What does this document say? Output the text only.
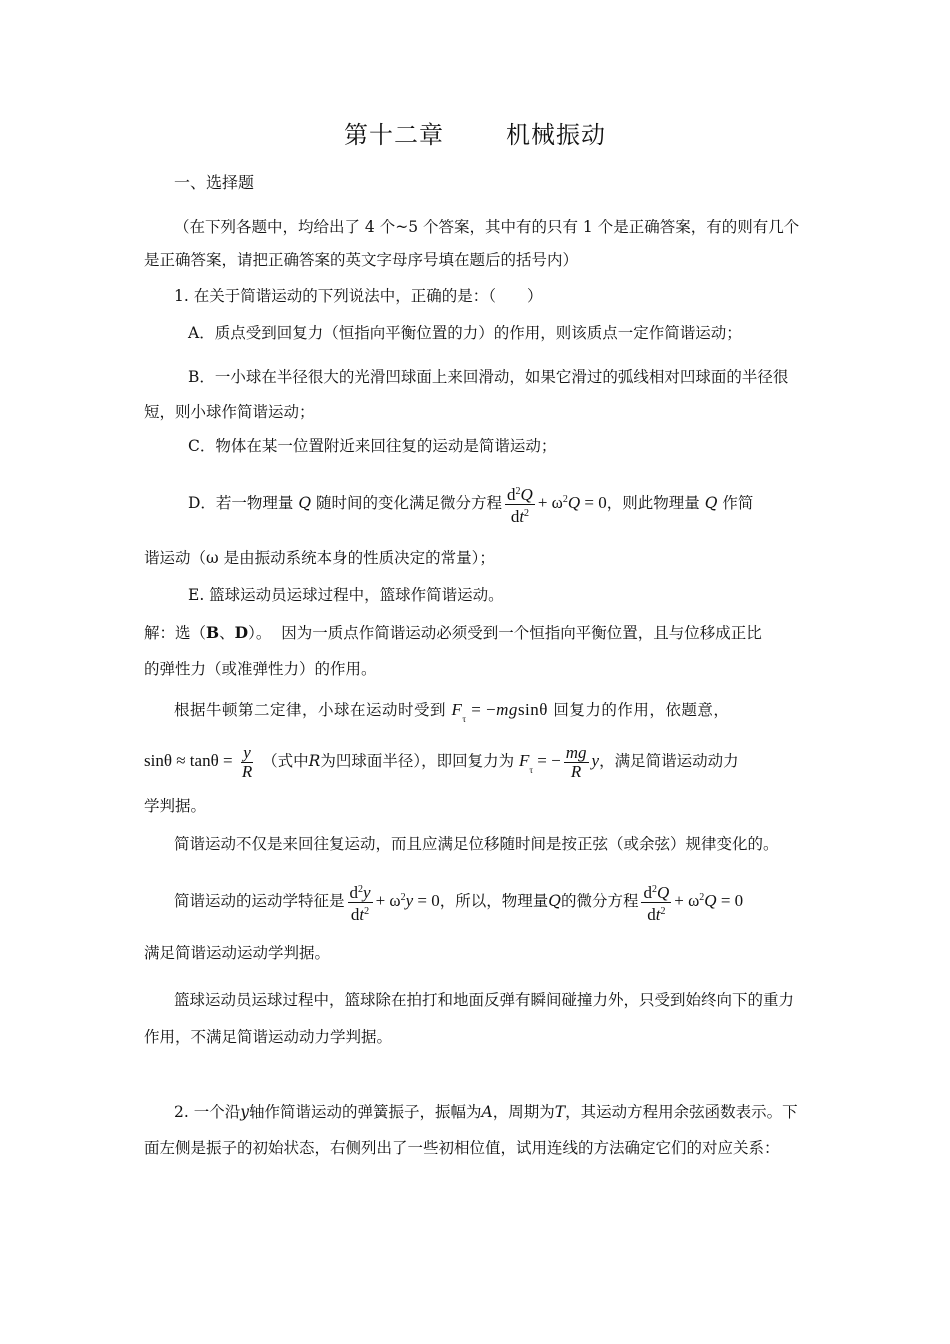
第十二章	机械振动
一、选择题
（在下列各题中，均给出了 4 个~5 个答案，其中有的只有 1 个是正确答案，有的则有几个是正确答案，请把正确答案的英文字母序号填在题后的括号内）
1. 在关于简谐运动的下列说法中，正确的是：（　　）
A．质点受到回复力（恒指向平衡位置的力）的作用，则该质点一定作简谐运动；
B．一小球在半径很大的光滑凹球面上来回滑动，如果它滑过的弧线相对凹球面的半径很短，则小球作简谐运动；
C．物体在某一位置附近来回往复的运动是简谐运动；
D．若一物理量 Q 随时间的变化满足微分方程 $\frac{d^2Q}{dt^2} + \omega^2Q = 0$，则此物理量 Q 作简
谐运动（ω 是由振动系统本身的性质决定的常量）；
E. 篮球运动员运球过程中，篮球作简谐运动。
解：选（B、D）。 因为一质点作简谐运动必须受到一个恒指向平衡位置，且与位移成正比
的弹性力（或准弹性力）的作用。
根据牛顿第二定律，小球在运动时受到 $F_\tau = -mgsin\theta$ 回复力的作用，依题意，
$\sin\theta \approx \tan\theta = \frac{y}{R}$ （式中R为凹球面半径），即回复力为 $F_\tau$ = − $\frac{mg}{R}$ y，满足简谐运动动力
学判据。
简谐运动不仅是来回往复运动，而且应满足位移随时间是按正弦（或余弦）规律变化的。
简谐运动的运动学特征是 $\frac{d^2y}{dt^2} + \omega^2y = 0$，所以，物理量Q的微分方程 $\frac{d^2Q}{dt^2} + \omega^2Q = 0$
满足简谐运动运动学判据。
篮球运动员运球过程中，篮球除在拍打和地面反弹有瞬间碰撞力外，只受到始终向下的重力作用，不满足简谐运动动力学判据。
2. 一个沿y轴作简谐运动的弹簧振子，振幅为A，周期为T，其运动方程用余弦函数表示。下面左侧是振子的初始状态，右侧列出了一些初相位值，试用连线的方法确定它们的对应关系：
